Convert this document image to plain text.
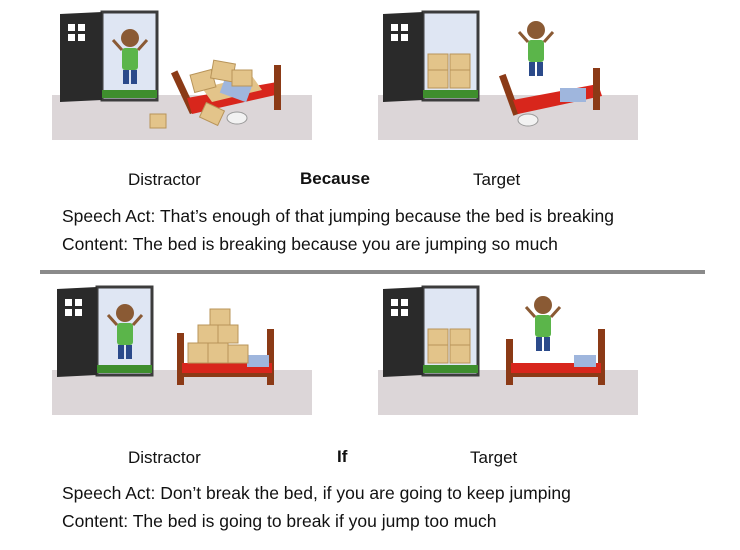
Distractor	Because	Target
Speech Act: That’s enough of that jumping because the bed is breaking
Content: The bed is breaking because you are jumping so much
Distractor	If	Target
Speech Act: Don’t break the bed, if you are going to keep jumping
Content: The bed is going to break if you jump too much
